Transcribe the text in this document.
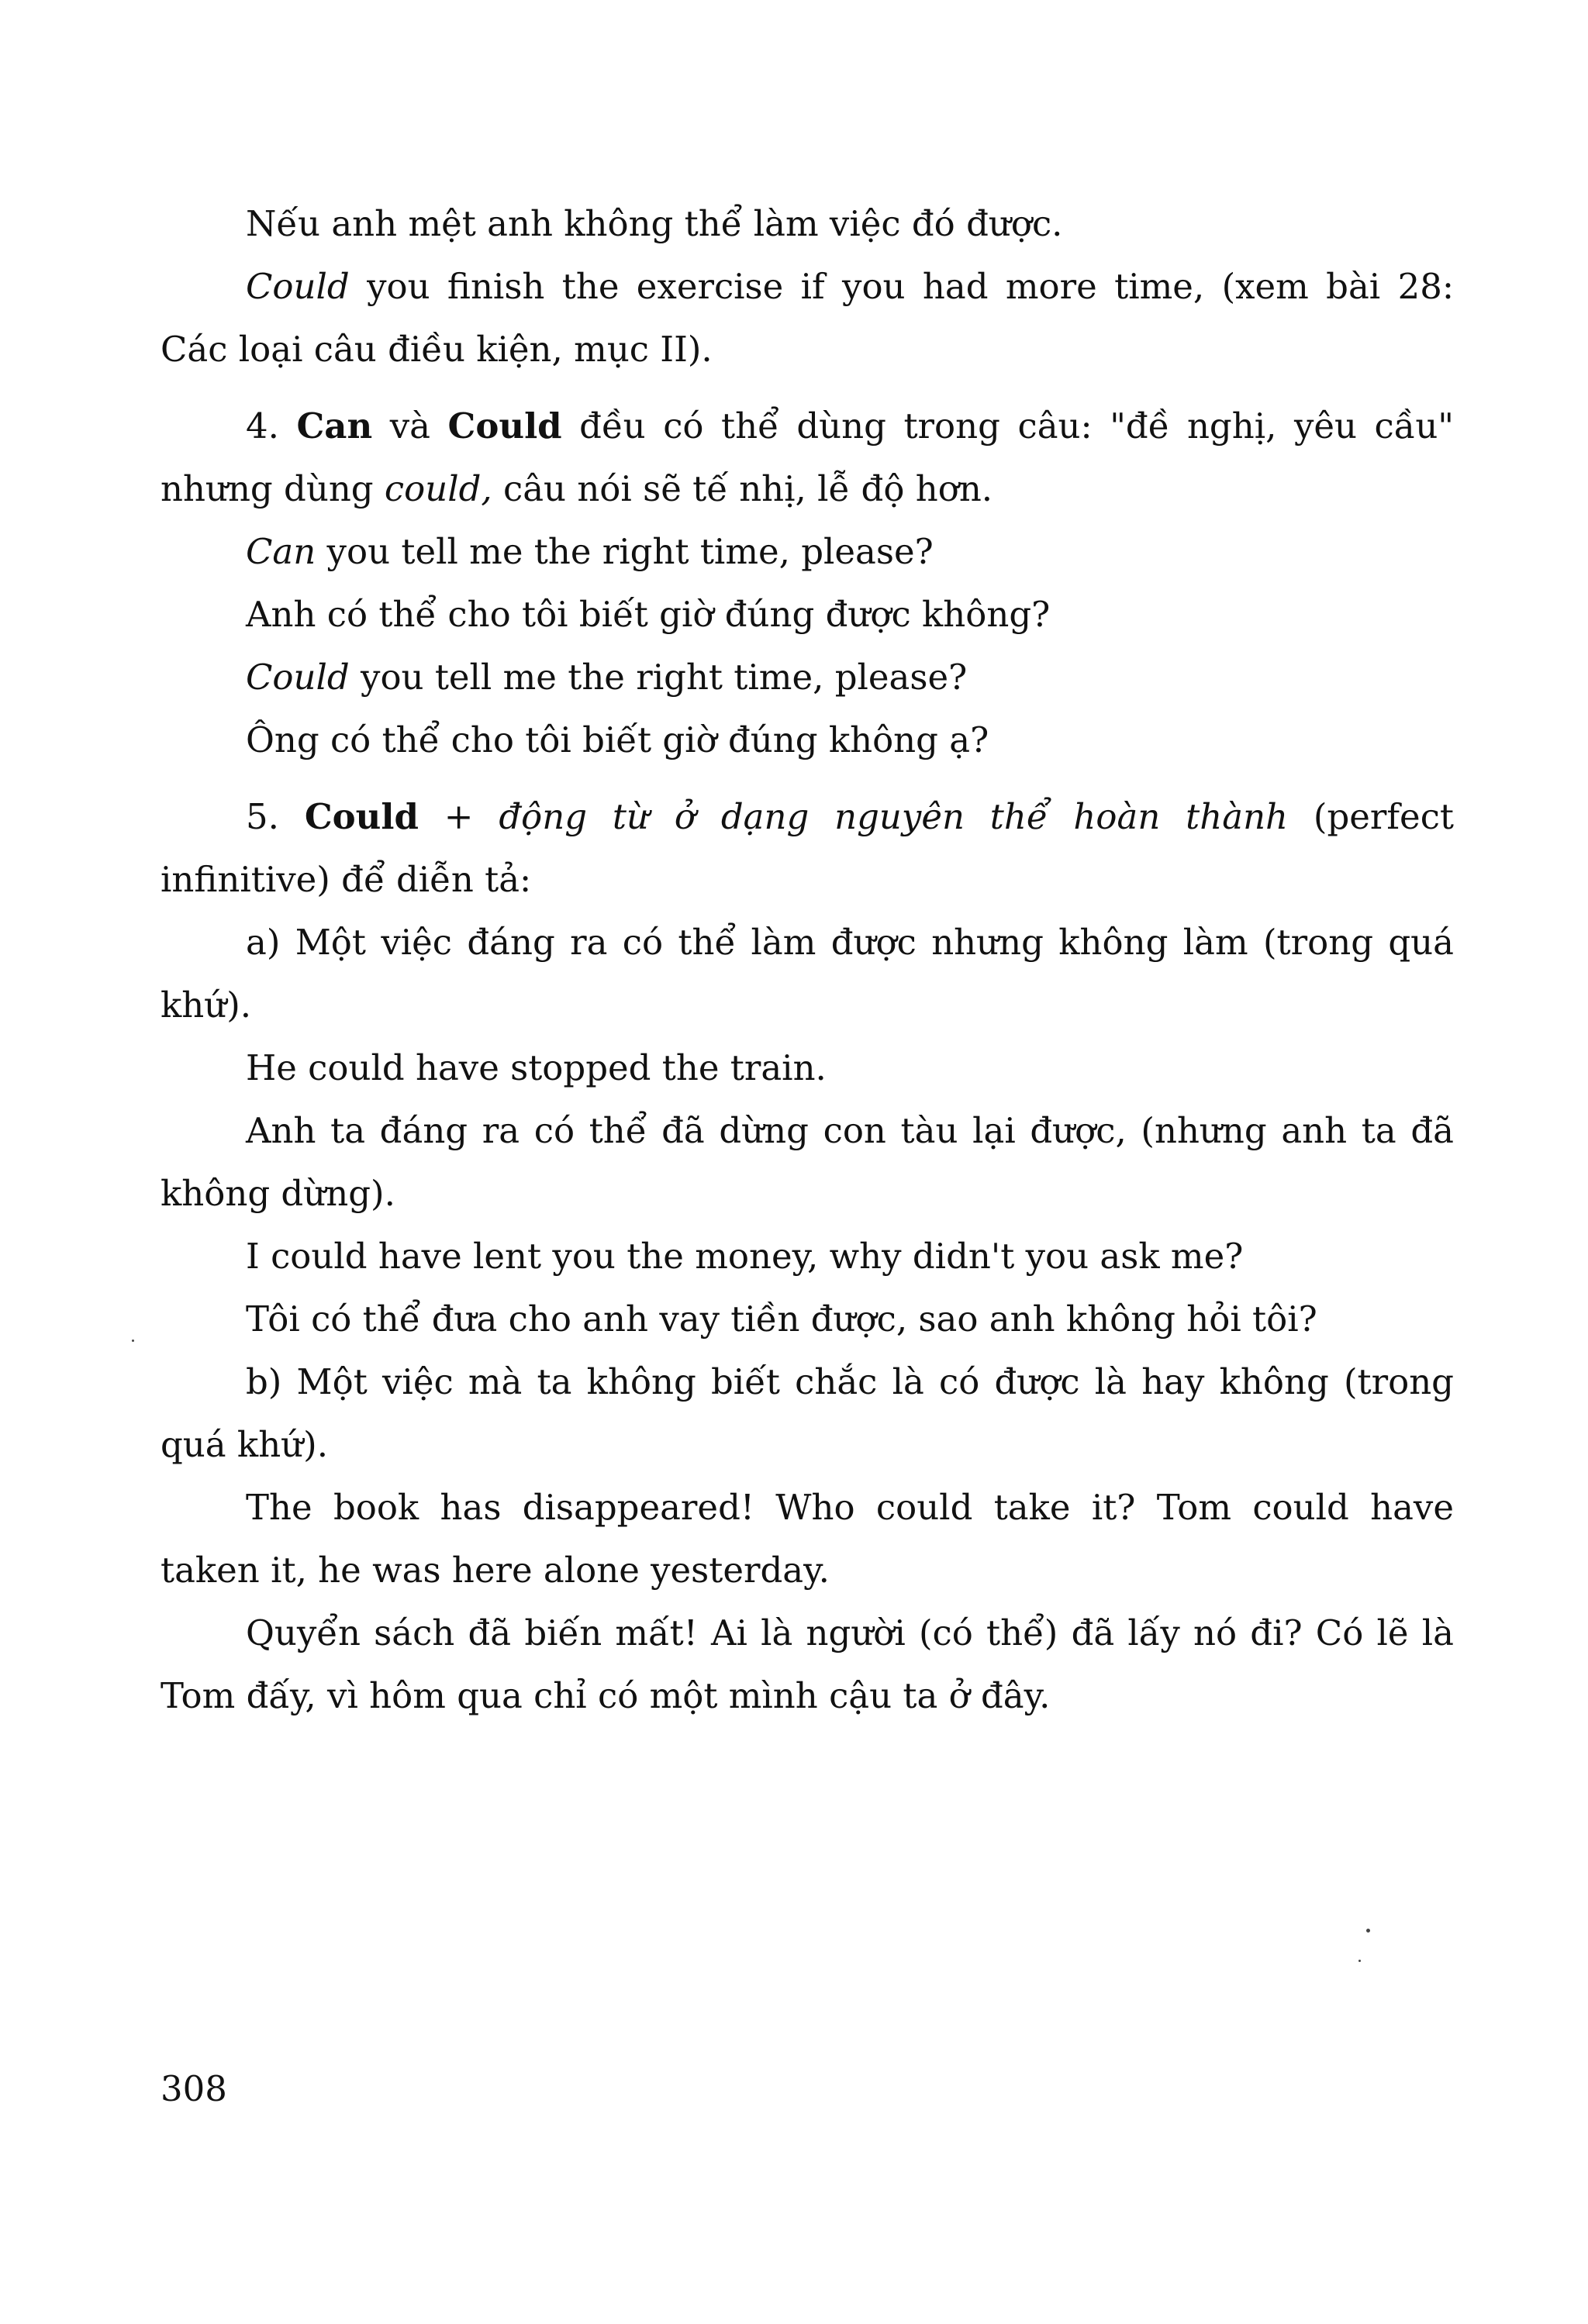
Nếu anh mệt anh không thể làm việc đó được.

Could you finish the exercise if you had more time, (xem bài 28: Các loại câu điều kiện, mục II).

4. Can và Could đều có thể dùng trong câu: "đề nghị, yêu cầu" nhưng dùng could, câu nói sẽ tế nhị, lễ độ hơn.

Can you tell me the right time, please?

Anh có thể cho tôi biết giờ đúng được không?

Could you tell me the right time, please?

Ông có thể cho tôi biết giờ đúng không ạ?

5. Could + động từ ở dạng nguyên thể hoàn thành (perfect infinitive) để diễn tả:

a) Một việc đáng ra có thể làm được nhưng không làm (trong quá khứ).

He could have stopped the train.

Anh ta đáng ra có thể đã dừng con tàu lại được, (nhưng anh ta đã không dừng).

I could have lent you the money, why didn't you ask me?

Tôi có thể đưa cho anh vay tiền được, sao anh không hỏi tôi?

b) Một việc mà ta không biết chắc là có được là hay không (trong quá khứ).

The book has disappeared! Who could take it? Tom could have taken it, he was here alone yesterday.

Quyển sách đã biến mất! Ai là người (có thể) đã lấy nó đi? Có lẽ là Tom đấy, vì hôm qua chỉ có một mình cậu ta ở đây.

308
